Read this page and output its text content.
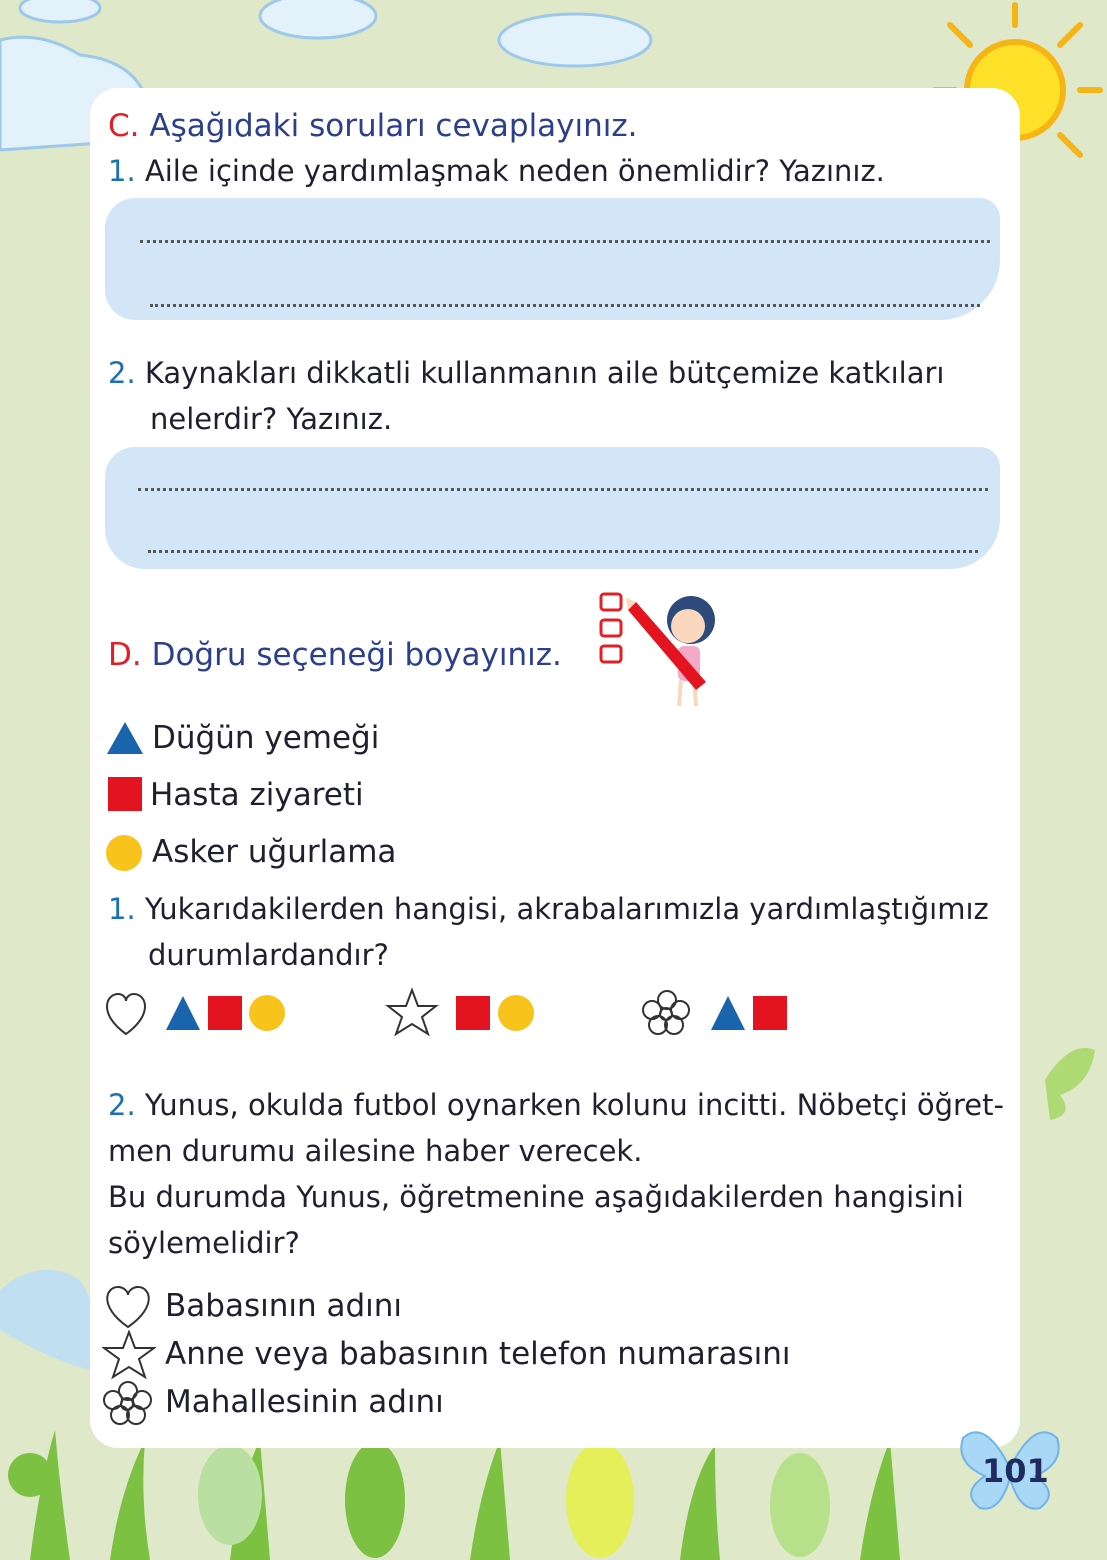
C. Aşağıdaki soruları cevaplayınız.
1. Aile içinde yardımlaşmak neden önemlidir? Yazınız.
2. Kaynakları dikkatli kullanmanın aile bütçemize katkıları
nelerdir? Yazınız.
D. Doğru seçeneği boyayınız.
Düğün yemeği
Hasta ziyareti
Asker uğurlama
1. Yukarıdakilerden hangisi, akrabalarımızla yardımlaştığımız
durumlardandır?
2. Yunus, okulda futbol oynarken kolunu incitti. Nöbetçi öğret-
men durumu ailesine haber verecek.
Bu durumda Yunus, öğretmenine aşağıdakilerden hangisini
söylemelidir?
Babasının adını
Anne veya babasının telefon numarasını
Mahallesinin adını
101
